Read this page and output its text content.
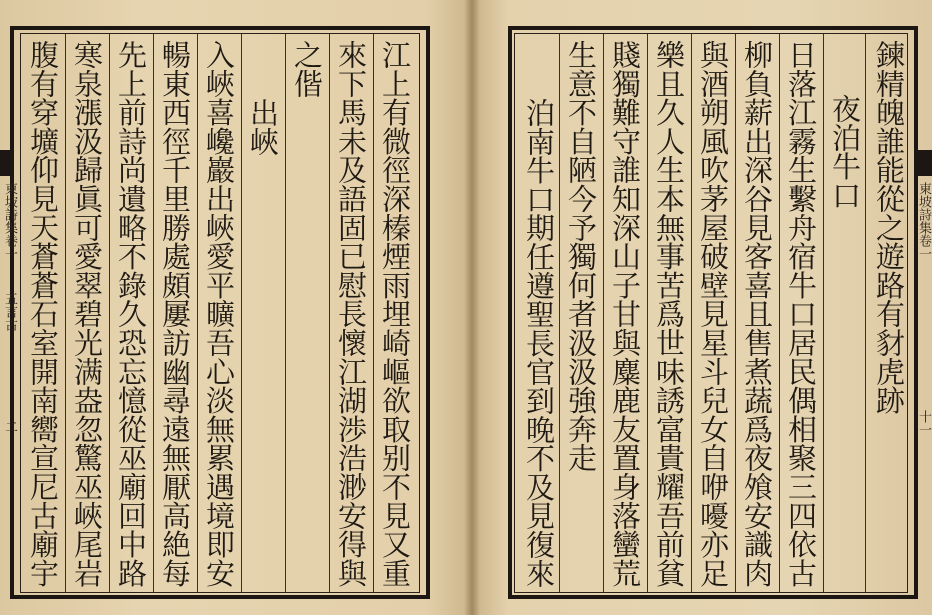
江上有微徑深榛煙雨埋崎嶇欲取别不見又重
來下馬未及語固已慰長懷江湖渉浩渺安得與
之偕
出峽
入峽喜巉巖出峽愛平曠吾心淡無累遇境即安
暢東西徑千里勝處頗屢訪幽尋遠無厭高絶每
先上前詩尚遺略不錄久恐忘憶從巫廟回中路
寒泉漲汲歸眞可愛翠碧光满盎忽驚巫峽尾岩
腹有穿壙仰見天蒼蒼石室開南嚮宣尼古廟宇
東坡詩集卷一
五言古
二
鍊精魄誰能從之遊路有豺虎跡
夜泊牛口
日落江霧生繫舟宿牛口居民偶相聚三四依古
柳負薪出深谷見客喜且售煮蔬爲夜飧安識肉
與酒朔風吹茅屋破壁見星斗兒女自咿嚘亦足
樂且久人生本無事苦爲世味誘富貴耀吾前貧
賤獨難守誰知深山子甘與麋鹿友置身落蠻荒
生意不自陋今予獨何者汲汲強奔走
泊南牛口期任遵聖長官到晚不及見復來	東坡詩集卷一
十一
